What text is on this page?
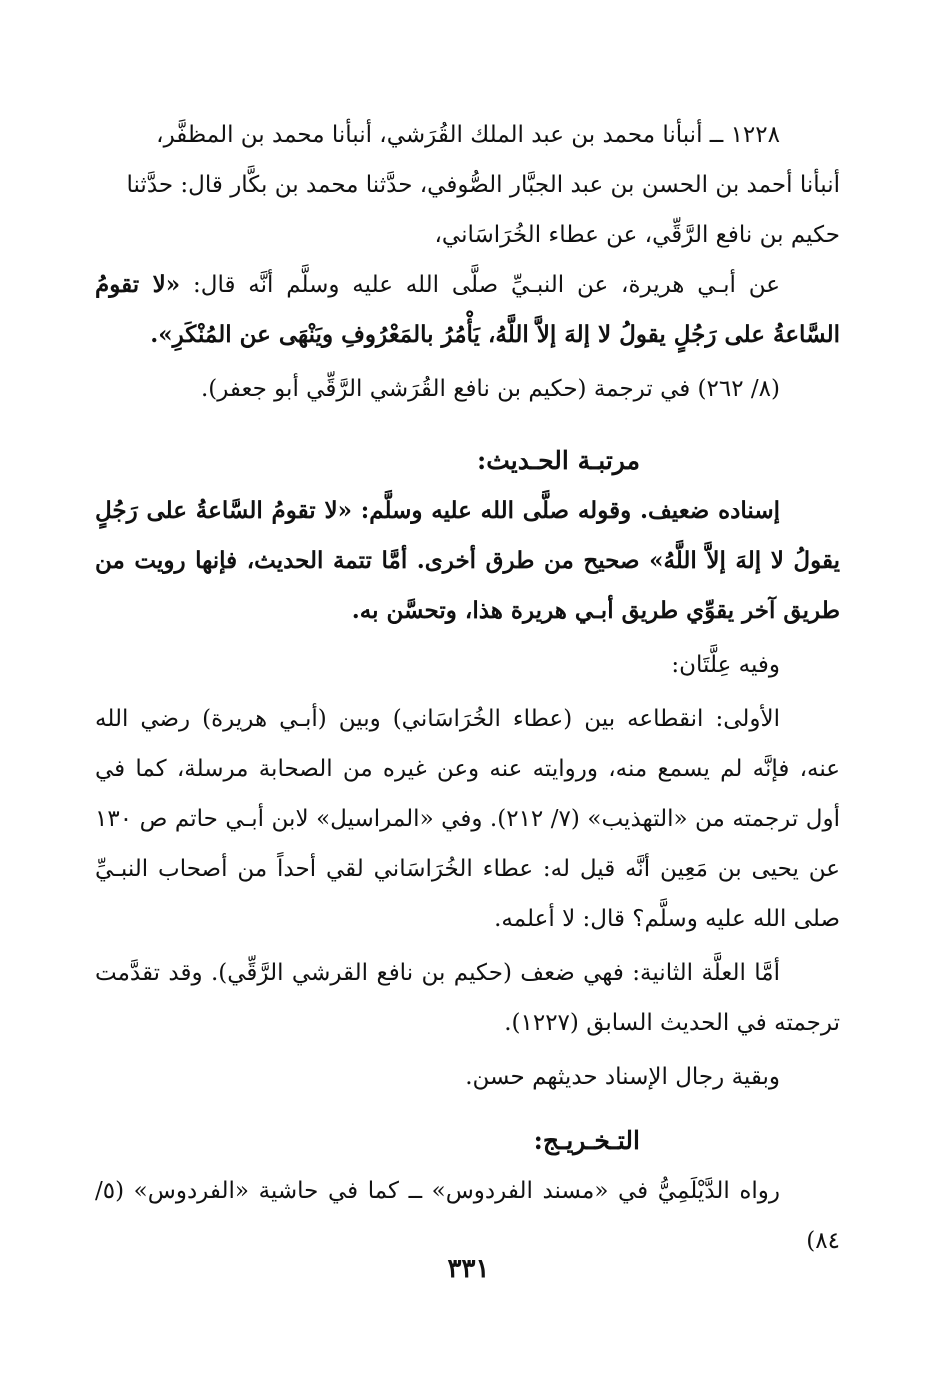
١٢٢٨ ــ أنبأنا محمد بن عبد الملك القُرَشي، أنبأنا محمد بن المظفَّر،

أنبأنا أحمد بن الحسن بن عبد الجبَّار الصُّوفي، حدَّثنا محمد بن بكَّار قال: حدَّثنا

حكيم بن نافع الرَّقِّي، عن عطاء الخُرَاسَاني،

عن أبـي هريرة، عن النبـيِّ صلَّى الله عليه وسلَّم أنَّه قال: «لا تقومُ السَّاعةُ على رَجُلٍ يقولُ لا إلهَ إلاَّ اللَّهُ، يَأْمُرُ بالمَعْرُوفِ ويَنْهَى عن المُنْكَرِ».

(٨/ ٢٦٢) في ترجمة (حكيم بن نافع القُرَشي الرَّقِّي أبو جعفر).

مرتبـة الحـديث:

إسناده ضعيف. وقوله صلَّى الله عليه وسلَّم: «لا تقومُ السَّاعةُ على رَجُلٍ يقولُ لا إلهَ إلاَّ اللَّهُ» صحيح من طرق أخرى. أمَّا تتمة الحديث، فإنها رويت من طريق آخر يقوِّي طريق أبـي هريرة هذا، وتحسَّن به.

وفيه عِلَّتَان:

الأولى: انقطاعه بين (عطاء الخُرَاسَاني) وبين (أبـي هريرة) رضي الله عنه، فإنَّه لم يسمع منه، وروايته عنه وعن غيره من الصحابة مرسلة، كما في أول ترجمته من «التهذيب» (٧/ ٢١٢). وفي «المراسيل» لابن أبـي حاتم ص ١٣٠ عن يحيى بن مَعِين أنَّه قيل له: عطاء الخُرَاسَاني لقي أحداً من أصحاب النبـيِّ صلى الله عليه وسلَّم؟ قال: لا أعلمه.

أمَّا العلَّة الثانية: فهي ضعف (حكيم بن نافع القرشي الرَّقِّي). وقد تقدَّمت ترجمته في الحديث السابق (١٢٢٧).

وبقية رجال الإسناد حديثهم حسن.

التـخـريـج:

رواه الدَّيْلَمِيُّ في «مسند الفردوس» ــ كما في حاشية «الفردوس» (٥/ ٨٤)

٣٣١
